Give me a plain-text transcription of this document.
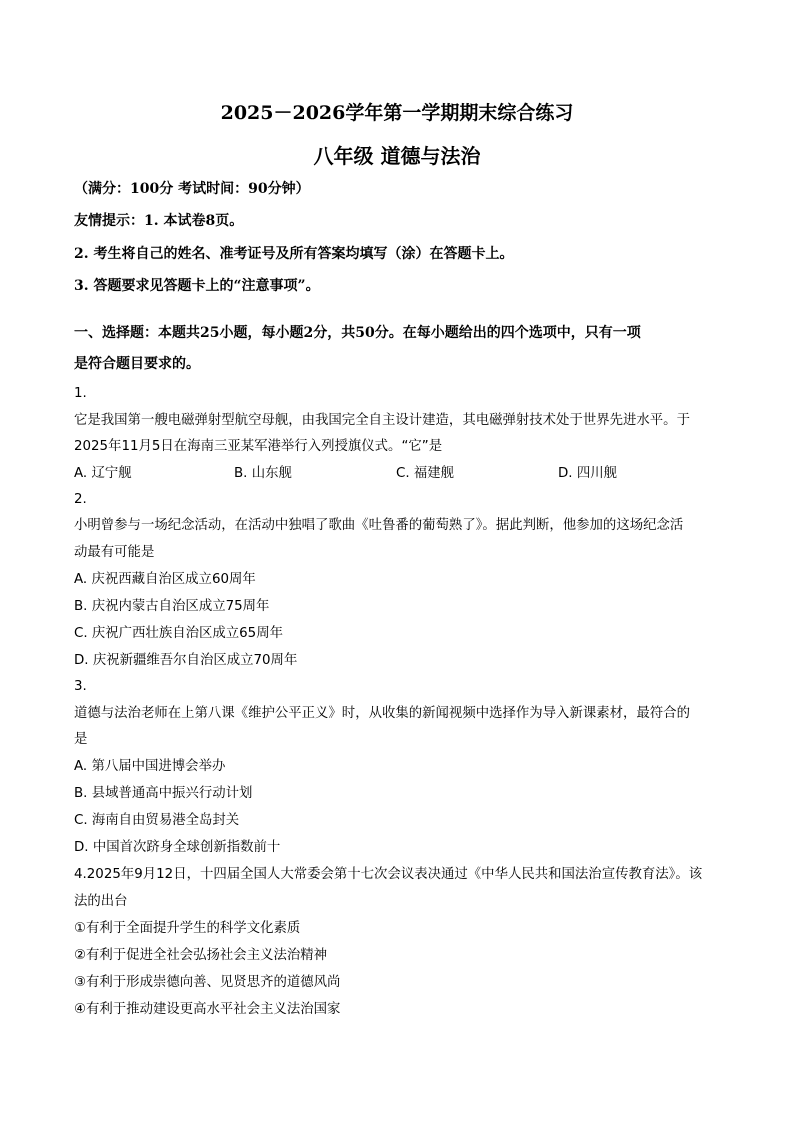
2025－2026学年第一学期期末综合练习
八年级 道德与法治

（满分：100分 考试时间：90分钟）

友情提示：1. 本试卷8页。

2. 考生将自己的姓名、准考证号及所有答案均填写（涂）在答题卡上。

3. 答题要求见答题卡上的“注意事项”。

一、选择题：本题共25小题，每小题2分，共50分。在每小题给出的四个选项中，只有一项

是符合题目要求的。

1.

它是我国第一艘电磁弹射型航空母舰，由我国完全自主设计建造，其电磁弹射技术处于世界先进水平。于

2025年11月5日在海南三亚某军港举行入列授旗仪式。“它”是

A. 辽宁舰	B. 山东舰	C. 福建舰	D. 四川舰

2.

小明曾参与一场纪念活动，在活动中独唱了歌曲《吐鲁番的葡萄熟了》。据此判断，他参加的这场纪念活

动最有可能是

A. 庆祝西藏自治区成立60周年

B. 庆祝内蒙古自治区成立75周年

C. 庆祝广西壮族自治区成立65周年

D. 庆祝新疆维吾尔自治区成立70周年

3.

道德与法治老师在上第八课《维护公平正义》时，从收集的新闻视频中选择作为导入新课素材，最符合的

是

A. 第八届中国进博会举办

B. 县域普通高中振兴行动计划

C. 海南自由贸易港全岛封关

D. 中国首次跻身全球创新指数前十

4.2025年9月12日，十四届全国人大常委会第十七次会议表决通过《中华人民共和国法治宣传教育法》。该

法的出台

①有利于全面提升学生的科学文化素质

②有利于促进全社会弘扬社会主义法治精神

③有利于形成崇德向善、见贤思齐的道德风尚

④有利于推动建设更高水平社会主义法治国家
